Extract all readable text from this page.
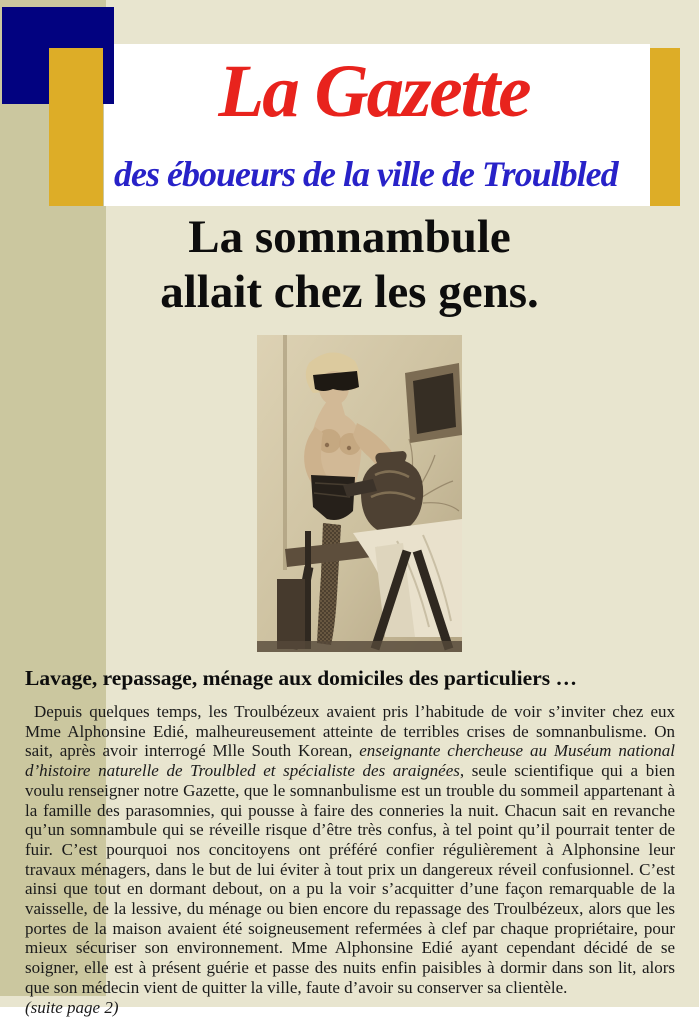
La Gazette
des éboueurs de la ville de Troulbled
La somnambule
allait chez les gens.
Lavage, repassage, ménage aux domiciles des particuliers …

Depuis quelques temps, les Troulbézeux avaient pris l’habitude de voir s’inviter chez eux Mme Alphonsine Edié, malheureusement atteinte de terribles crises de somnanbulisme. On sait, après avoir interrogé Mlle South Korean, enseignante chercheuse au Muséum national d’histoire naturelle de Troulbled et spécialiste des araignées, seule scientifique qui a bien voulu renseigner notre Gazette, que le somnanbulisme est un trouble du sommeil appartenant à la famille des parasomnies, qui pousse à faire des conneries la nuit. Chacun sait en revanche qu’un somnambule qui se réveille risque d’être très confus, à tel point qu’il pourrait tenter de fuir. C’est pourquoi nos concitoyens ont préféré confier régulièrement à Alphonsine leur travaux ménagers, dans le but de lui éviter à tout prix un dangereux réveil confusionnel. C’est ainsi que tout en dormant debout, on a pu la voir s’acquitter d’une façon remarquable de la vaisselle, de la lessive, du ménage ou bien encore du repassage des Troulbézeux, alors que les portes de la maison avaient été soigneusement refermées à clef par chaque propriétaire, pour mieux sécuriser son environnement. Mme Alphonsine Edié ayant cependant décidé de se soigner, elle est à présent guérie et passe des nuits enfin paisibles à dormir dans son lit, alors que son médecin vient de quitter la ville, faute d’avoir su conserver sa clientèle.

(suite page 2)
